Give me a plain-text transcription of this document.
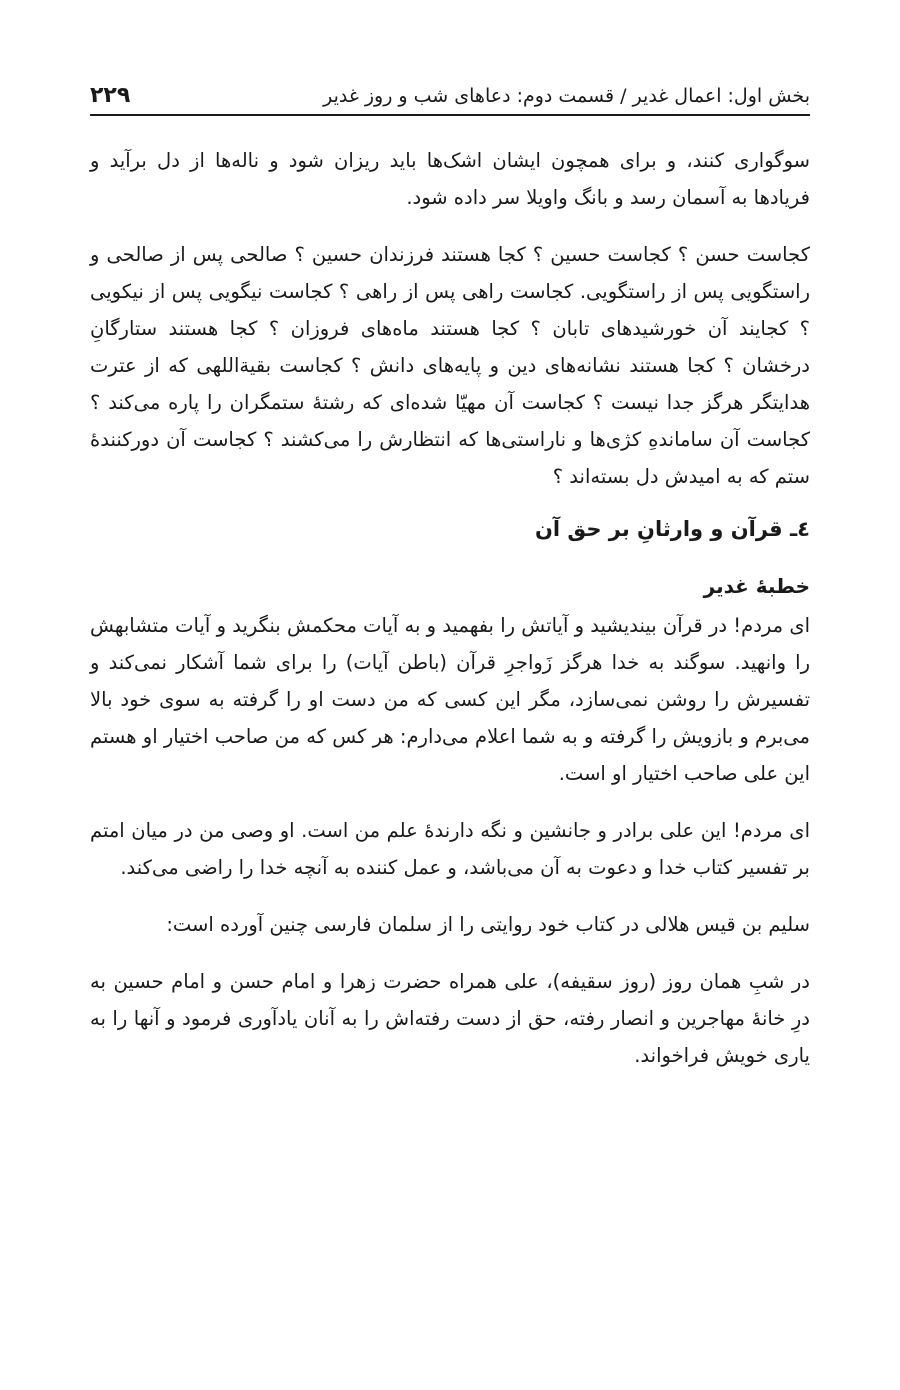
بخش اول: اعمال غدیر / قسمت دوم: دعاهای شب و روز غدیر
۲۲۹

سوگواری کنند، و برای همچون ایشان اشک‌ها باید ریزان شود و ناله‌ها از دل برآید و فریادها به آسمان رسد و بانگ واویلا سر داده شود.

کجاست حسن ؟ کجاست حسین ؟ کجا هستند فرزندان حسین ؟ صالحی پس از صالحی و راستگویی پس از راستگویی. کجاست راهی پس از راهی ؟ کجاست نیگویی پس از نیکویی ؟ کجایند آن خورشیدهای تابان ؟ کجا هستند ماه‌های فروزان ؟ کجا هستند ستارگانِ درخشان ؟ کجا هستند نشانه‌های دین و پایه‌های دانش ؟ کجاست بقیةاللهی که از عترت هدایتگر هرگز جدا نیست ؟ کجاست آن مهیّا شده‌ای که رشتۀ ستمگران را پاره می‌کند ؟ کجاست آن ساماندهِ کژی‌ها و ناراستی‌ها که انتظارش را می‌کشند ؟ کجاست آن دورکنندۀ ستم که به امیدش دل بسته‌اند ؟

٤ـ قرآن و وارثانِ بر حق آن
خطبۀ غدیر

ای مردم! در قرآن بیندیشید و آیاتش را بفهمید و به آیات محکمش بنگرید و آیات متشابهش را وانهید. سوگند به خدا هرگز زَواجرِ قرآن (باطن آیات) را برای شما آشکار نمی‌کند و تفسیرش را روشن نمی‌سازد، مگر این کسی که من دست او را گرفته به سوی خود بالا می‌برم و بازویش را گرفته و به شما اعلام می‌دارم: هر کس که من صاحب اختیار او هستم این علی صاحب اختیار او است.

ای مردم! این علی برادر و جانشین و نگه دارندۀ علم من است. او وصی من در میان امتم بر تفسیر کتاب خدا و دعوت به آن می‌باشد، و عمل کننده به آنچه خدا را راضی می‌کند.

سلیم بن قیس هلالی در کتاب خود روایتی را از سلمان فارسی چنین آورده است:

در شبِ همان روز (روز سقیفه)، علی همراه حضرت زهرا و امام حسن و امام حسین به درِ خانۀ مهاجرین و انصار رفته، حق از دست رفته‌اش را به آنان یادآوری فرمود و آنها را به یاری خویش فراخواند.
